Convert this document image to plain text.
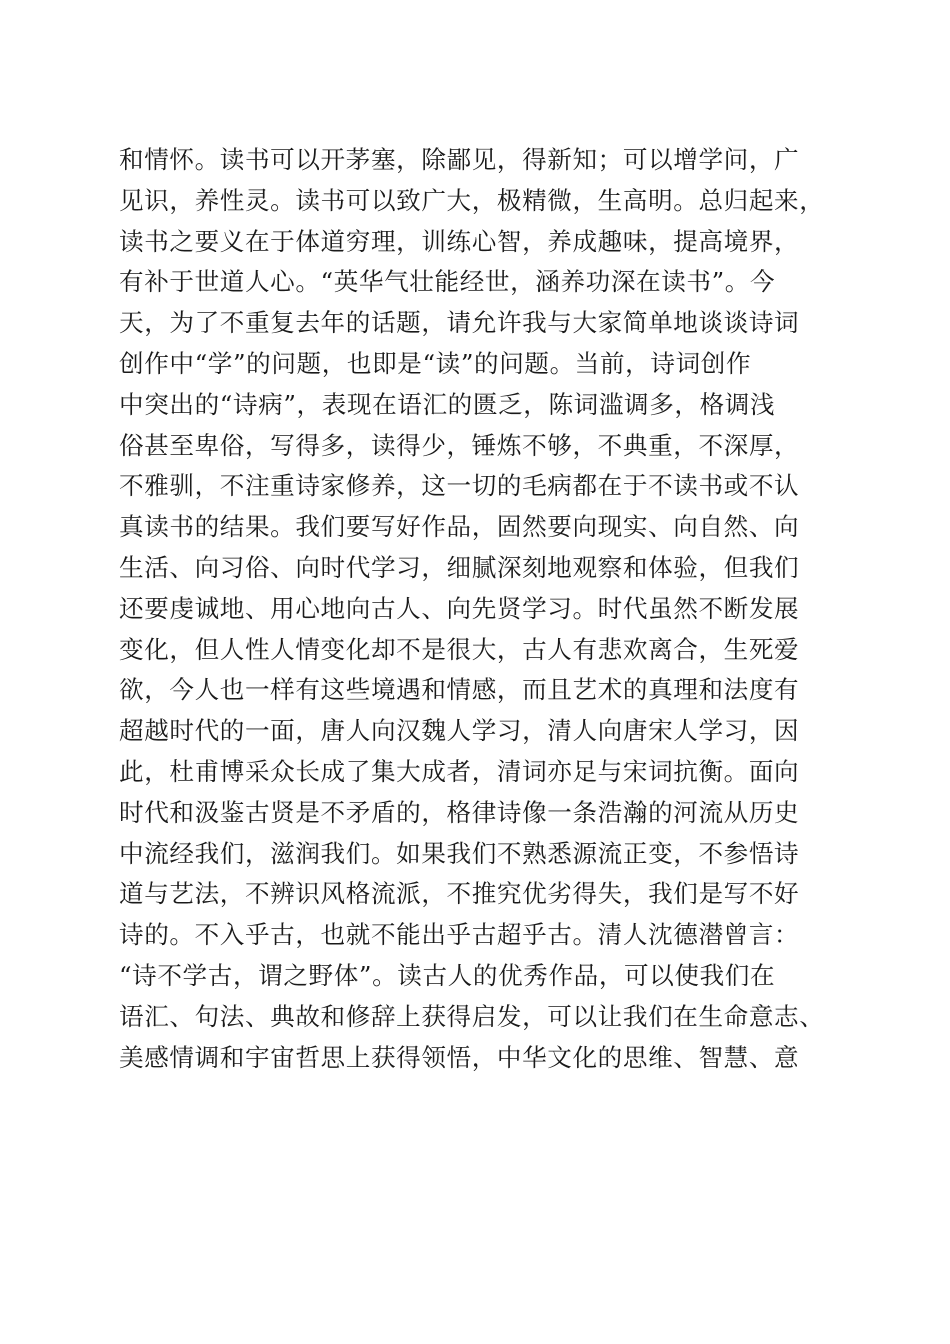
和情怀。读书可以开茅塞，除鄙见，得新知；可以增学问，广
见识，养性灵。读书可以致广大，极精微，生高明。总归起来，
读书之要义在于体道穷理，训练心智，养成趣味，提高境界，
有补于世道人心。“英华气壮能经世，涵养功深在读书”。今
天，为了不重复去年的话题，请允许我与大家简单地谈谈诗词
创作中“学”的问题，也即是“读”的问题。当前，诗词创作
中突出的“诗病”，表现在语汇的匮乏，陈词滥调多，格调浅
俗甚至卑俗，写得多，读得少，锤炼不够，不典重，不深厚，
不雅驯，不注重诗家修养，这一切的毛病都在于不读书或不认
真读书的结果。我们要写好作品，固然要向现实、向自然、向
生活、向习俗、向时代学习，细腻深刻地观察和体验，但我们
还要虔诚地、用心地向古人、向先贤学习。时代虽然不断发展
变化，但人性人情变化却不是很大，古人有悲欢离合，生死爱
欲，今人也一样有这些境遇和情感，而且艺术的真理和法度有
超越时代的一面，唐人向汉魏人学习，清人向唐宋人学习，因
此，杜甫博采众长成了集大成者，清词亦足与宋词抗衡。面向
时代和汲鉴古贤是不矛盾的，格律诗像一条浩瀚的河流从历史
中流经我们，滋润我们。如果我们不熟悉源流正变，不参悟诗
道与艺法，不辨识风格流派，不推究优劣得失，我们是写不好
诗的。不入乎古，也就不能出乎古超乎古。清人沈德潜曾言：
“诗不学古，谓之野体”。读古人的优秀作品，可以使我们在
语汇、句法、典故和修辞上获得启发，可以让我们在生命意志、
美感情调和宇宙哲思上获得领悟，中华文化的思维、智慧、意
